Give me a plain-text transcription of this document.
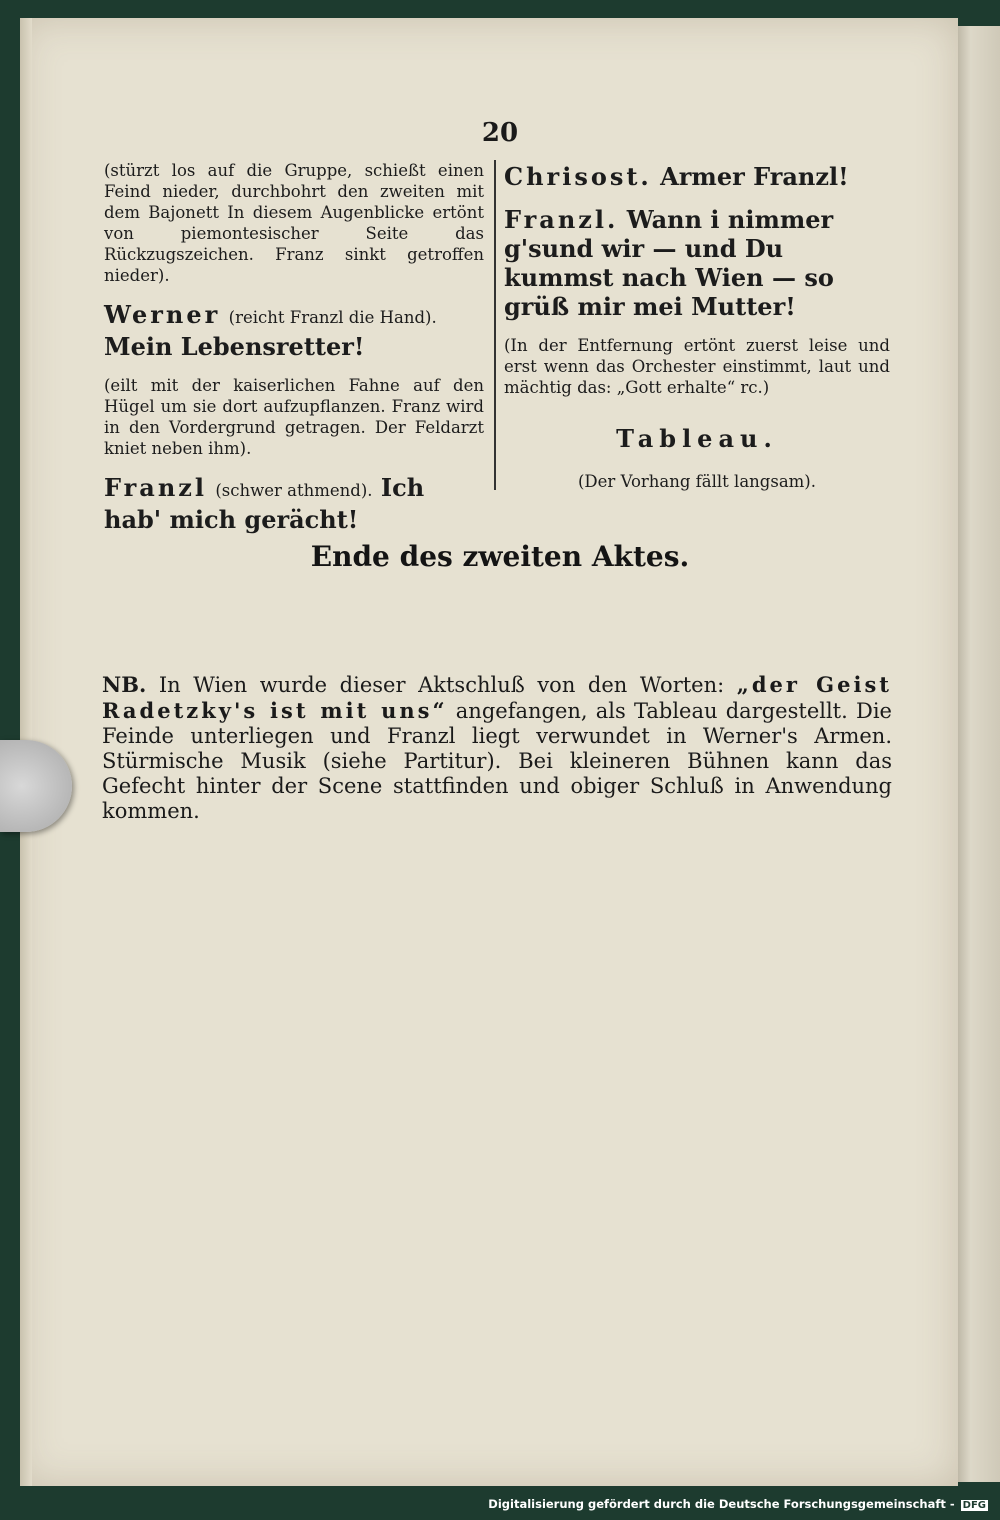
20

(stürzt los auf die Gruppe, schießt einen Feind nieder, durchbohrt den zweiten mit dem Bajonett In diesem Augenblicke ertönt von piemontesischer Seite das Rückzugszeichen. Franz sinkt getroffen nieder).

Werner (reicht Franzl die Hand). Mein Lebensretter!

(eilt mit der kaiserlichen Fahne auf den Hügel um sie dort aufzupflanzen. Franz wird in den Vordergrund getragen. Der Feldarzt kniet neben ihm).

Franzl (schwer athmend). Ich hab' mich gerächt!

Chrisost. Armer Franzl!

Franzl. Wann i nimmer g'sund wir — und Du kummst nach Wien — so grüß mir mei Mutter!

(In der Entfernung ertönt zuerst leise und erst wenn das Orchester einstimmt, laut und mächtig das: „Gott erhalte“ rc.)

Tableau.

(Der Vorhang fällt langsam).

Ende des zweiten Aktes.
NB. In Wien wurde dieser Aktschluß von den Worten: „der Geist Radetzky's ist mit uns“ angefangen, als Tableau dargestellt. Die Feinde unterliegen und Franzl liegt verwundet in Werner's Armen. Stürmische Musik (siehe Partitur). Bei kleineren Bühnen kann das Gefecht hinter der Scene stattfinden und obiger Schluß in Anwendung kommen.
Digitalisierung gefördert durch die Deutsche Forschungsgemeinschaft - DFG
